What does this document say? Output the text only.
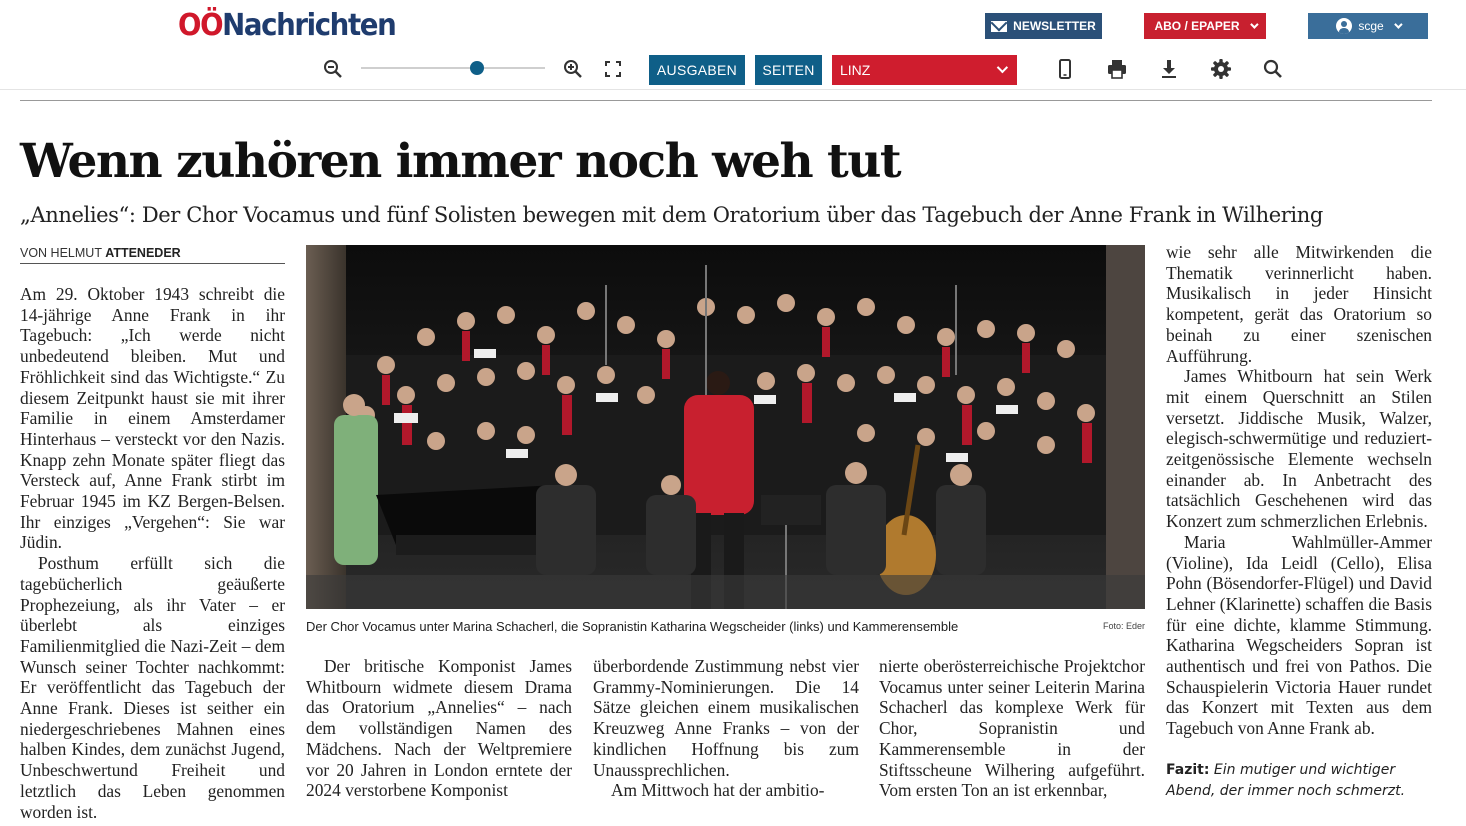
OÖNachrichten	NEWSLETTER	ABO / EPAPER	scge
AUSGABEN	SEITEN	LINZ
Wenn zuhören immer noch weh tut
„Annelies“: Der Chor Vocamus und fünf Solisten bewegen mit dem Oratorium über das Tagebuch der Anne Frank in Wilhering
VON HELMUT ATTENEDER

Am 29. Oktober 1943 schreibt die 14-jährige Anne Frank in ihr Tagebuch: „Ich werde nicht unbedeutend bleiben. Mut und Fröhlichkeit sind das Wichtigste.“ Zu diesem Zeitpunkt haust sie mit ihrer Familie in einem Amsterdamer Hinterhaus – versteckt vor den Nazis. Knapp zehn Monate später fliegt das Versteck auf, Anne Frank stirbt im Februar 1945 im KZ Bergen-Belsen. Ihr einziges „Vergehen“: Sie war Jüdin.

Posthum erfüllt sich die tagebücherlich geäußerte Prophezeiung, als ihr Vater – er überlebt als einziges Familienmitglied die Nazi-Zeit – dem Wunsch seiner Tochter nachkommt: Er veröffentlicht das Tagebuch der Anne Frank. Dieses ist seither ein niedergeschriebenes Mahnen eines halben Kindes, dem zunächst Jugend, Unbeschwertund Freiheit und letztlich das Leben genommen worden ist.

Der Chor Vocamus unter Marina Schacherl, die Sopranistin Katharina Wegscheider (links) und Kammerensemble	Foto: Eder

Der britische Komponist James Whitbourn widmete diesem Drama das Oratorium „Annelies“ – nach dem vollständigen Namen des Mädchens. Nach der Weltpremiere vor 20 Jahren in London erntete der 2024 verstorbene Komponist

überbordende Zustimmung nebst vier Grammy-Nominierungen. Die 14 Sätze gleichen einem musikalischen Kreuzweg Anne Franks – von der kindlichen Hoffnung bis zum Unaussprechlichen.

Am Mittwoch hat der ambitio-

nierte oberösterreichische Projektchor Vocamus unter seiner Leiterin Marina Schacherl das komplexe Werk für Chor, Sopranistin und Kammerensemble in der Stiftsscheune Wilhering aufgeführt. Vom ersten Ton an ist erkennbar,

wie sehr alle Mitwirkenden die Thematik verinnerlicht haben. Musikalisch in jeder Hinsicht kompetent, gerät das Oratorium so beinah zu einer szenischen Aufführung.

James Whitbourn hat sein Werk mit einem Querschnitt an Stilen versetzt. Jiddische Musik, Walzer, elegisch-schwermütige und reduziert-zeitgenössische Elemente wechseln einander ab. In Anbetracht des tatsächlich Geschehenen wird das Konzert zum schmerzlichen Erlebnis.

Maria Wahlmüller-Ammer (Violine), Ida Leidl (Cello), Elisa Pohn (Bösendorfer-Flügel) und David Lehner (Klarinette) schaffen die Basis für eine dichte, klamme Stimmung. Katharina Wegscheiders Sopran ist authentisch und frei von Pathos. Die Schauspielerin Victoria Hauer rundet das Konzert mit Texten aus dem Tagebuch von Anne Frank ab.

Fazit: Ein mutiger und wichtiger Abend, der immer noch schmerzt.
